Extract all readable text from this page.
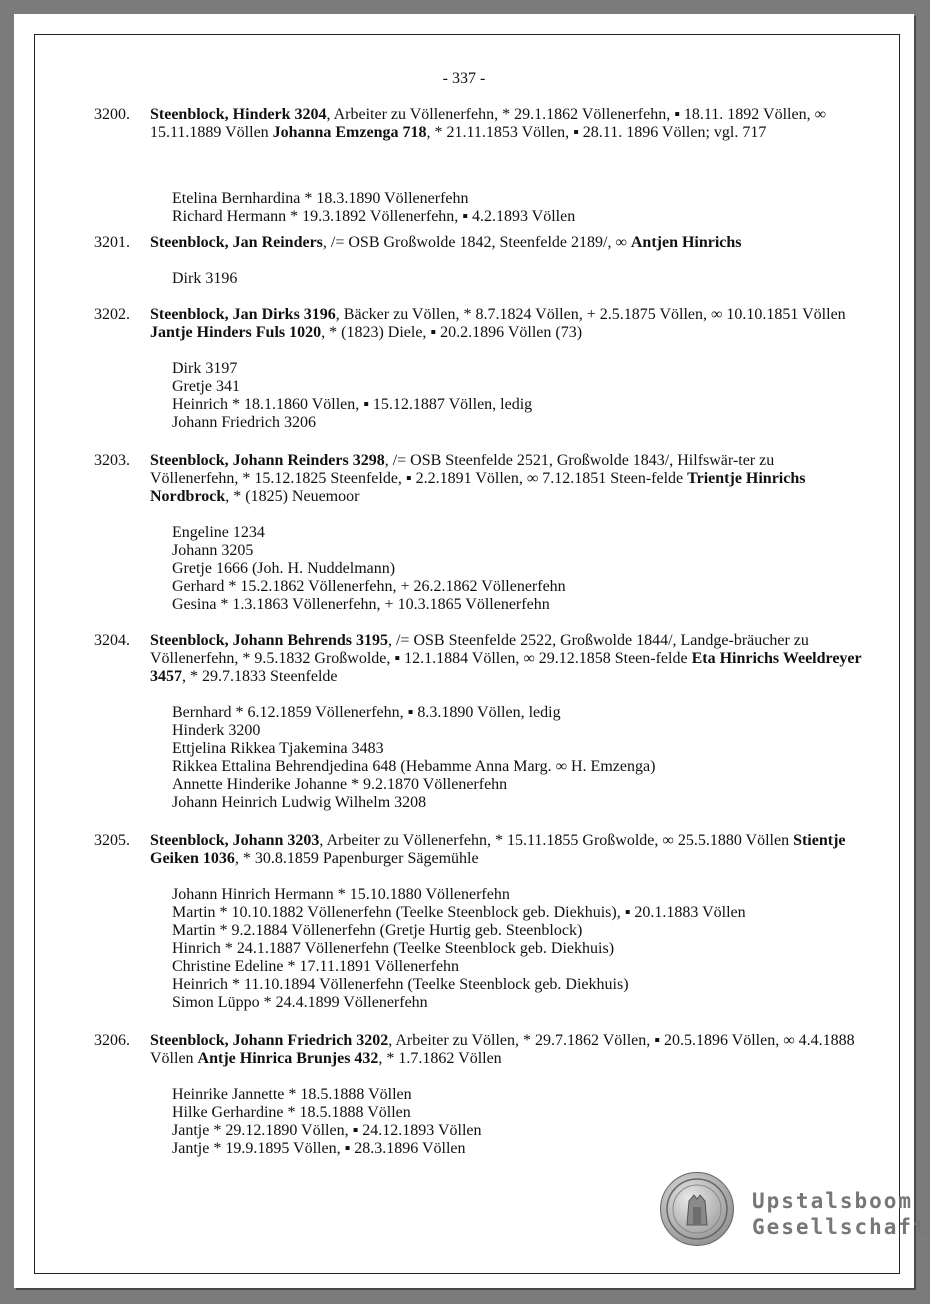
- 337 -
3200.	Steenblock, Hinderk 3204, Arbeiter zu Völlenerfehn, * 29.1.1862 Völlenerfehn, ▪ 18.11. 1892 Völlen, ∞ 15.11.1889 Völlen Johanna Emzenga 718, * 21.11.1853 Völlen, ▪ 28.11. 1896 Völlen; vgl. 717
Etelina Bernhardina * 18.3.1890 Völlenerfehn
Richard Hermann * 19.3.1892 Völlenerfehn, ▪ 4.2.1893 Völlen
3201.	Steenblock, Jan Reinders, /= OSB Großwolde 1842, Steenfelde 2189/, ∞ Antjen Hinrichs
Dirk 3196
3202.	Steenblock, Jan Dirks 3196, Bäcker zu Völlen, * 8.7.1824 Völlen, + 2.5.1875 Völlen, ∞ 10.10.1851 Völlen Jantje Hinders Fuls 1020, * (1823) Diele, ▪ 20.2.1896 Völlen (73)
Dirk 3197
Gretje 341
Heinrich * 18.1.1860 Völlen, ▪ 15.12.1887 Völlen, ledig
Johann Friedrich 3206
3203.	Steenblock, Johann Reinders 3298, /= OSB Steenfelde 2521, Großwolde 1843/, Hilfswär-ter zu Völlenerfehn, * 15.12.1825 Steenfelde, ▪ 2.2.1891 Völlen, ∞ 7.12.1851 Steen-felde Trientje Hinrichs Nordbrock, * (1825) Neuemoor
Engeline 1234
Johann 3205
Gretje 1666 (Joh. H. Nuddelmann)
Gerhard * 15.2.1862 Völlenerfehn, + 26.2.1862 Völlenerfehn
Gesina * 1.3.1863 Völlenerfehn, + 10.3.1865 Völlenerfehn
3204.	Steenblock, Johann Behrends 3195, /= OSB Steenfelde 2522, Großwolde 1844/, Landge-bräucher zu Völlenerfehn, * 9.5.1832 Großwolde, ▪ 12.1.1884 Völlen, ∞ 29.12.1858 Steen-felde Eta Hinrichs Weeldreyer 3457, * 29.7.1833 Steenfelde
Bernhard * 6.12.1859 Völlenerfehn, ▪ 8.3.1890 Völlen, ledig
Hinderk 3200
Ettjelina Rikkea Tjakemina 3483
Rikkea Ettalina Behrendjedina 648 (Hebamme Anna Marg. ∞ H. Emzenga)
Annette Hinderike Johanne * 9.2.1870 Völlenerfehn
Johann Heinrich Ludwig Wilhelm 3208
3205.	Steenblock, Johann 3203, Arbeiter zu Völlenerfehn, * 15.11.1855 Großwolde, ∞ 25.5.1880 Völlen Stientje Geiken 1036, * 30.8.1859 Papenburger Sägemühle
Johann Hinrich Hermann * 15.10.1880 Völlenerfehn
Martin * 10.10.1882 Völlenerfehn (Teelke Steenblock geb. Diekhuis), ▪ 20.1.1883 Völlen
Martin * 9.2.1884 Völlenerfehn (Gretje Hurtig geb. Steenblock)
Hinrich * 24.1.1887 Völlenerfehn (Teelke Steenblock geb. Diekhuis)
Christine Edeline * 17.11.1891 Völlenerfehn
Heinrich * 11.10.1894 Völlenerfehn (Teelke Steenblock geb. Diekhuis)
Simon Lüppo * 24.4.1899 Völlenerfehn
3206.	Steenblock, Johann Friedrich 3202, Arbeiter zu Völlen, * 29.7.1862 Völlen, ▪ 20.5.1896 Völlen, ∞ 4.4.1888 Völlen Antje Hinrica Brunjes 432, * 1.7.1862 Völlen
Heinrike Jannette * 18.5.1888 Völlen
Hilke Gerhardine * 18.5.1888 Völlen
Jantje * 29.12.1890 Völlen, ▪ 24.12.1893 Völlen
Jantje * 19.9.1895 Völlen, ▪ 28.3.1896 Völlen
Upstalsboom
Gesellschaft
